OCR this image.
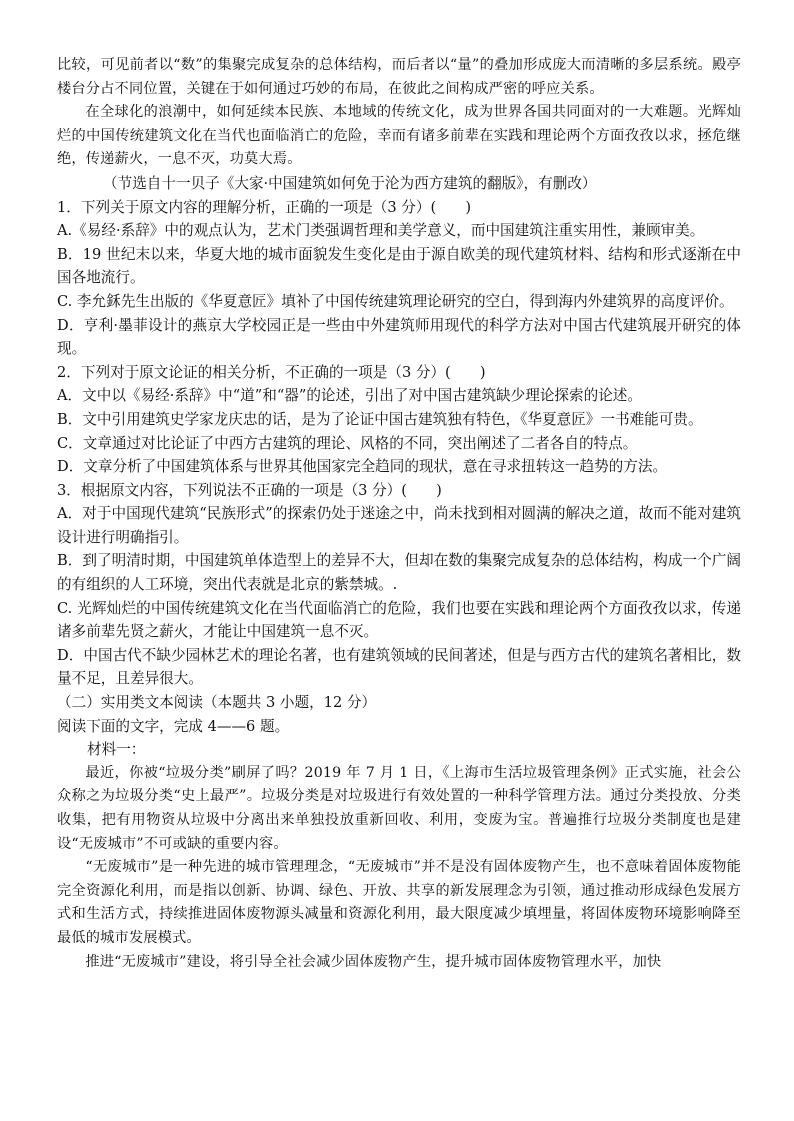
比较，可见前者以“数”的集聚完成复杂的总体结构，而后者以“量”的叠加形成庞大而清晰的多层系统。殿亭楼台分占不同位置，关键在于如何通过巧妙的布局，在彼此之间构成严密的呼应关系。

在全球化的浪潮中，如何延续本民族、本地域的传统文化，成为世界各国共同面对的一大难题。光辉灿烂的中国传统建筑文化在当代也面临消亡的危险，幸而有诸多前辈在实践和理论两个方面孜孜以求，拯危继绝，传递薪火，一息不灭，功莫大焉。

（节选自十一贝子《大家·中国建筑如何免于沦为西方建筑的翻版》，有删改）

1．下列关于原文内容的理解分析，正确的一项是（3 分）(　　)

A.《易经·系辞》中的观点认为，艺术门类强调哲理和美学意义，而中国建筑注重实用性，兼顾审美。

B．19 世纪末以来，华夏大地的城市面貌发生变化是由于源自欧美的现代建筑材料、结构和形式逐渐在中国各地流行。

C. 李允鉌先生出版的《华夏意匠》填补了中国传统建筑理论研究的空白，得到海内外建筑界的高度评价。

D．亨利·墨菲设计的燕京大学校园正是一些由中外建筑师用现代的科学方法对中国古代建筑展开研究的体现。

2．下列对于原文论证的相关分析，不正确的一项是（3 分）(　　)

A．文中以《易经·系辞》中“道”和“器”的论述，引出了对中国古建筑缺少理论探索的论述。

B．文中引用建筑史学家龙庆忠的话，是为了论证中国古建筑独有特色，《华夏意匠》一书难能可贵。

C．文章通过对比论证了中西方古建筑的理论、风格的不同，突出阐述了二者各自的特点。

D．文章分析了中国建筑体系与世界其他国家完全趋同的现状，意在寻求扭转这一趋势的方法。

3．根据原文内容，下列说法不正确的一项是（3 分）(　　)

A．对于中国现代建筑“民族形式”的探索仍处于迷途之中，尚未找到相对圆满的解决之道，故而不能对建筑设计进行明确指引。

B．到了明清时期，中国建筑单体造型上的差异不大，但却在数的集聚完成复杂的总体结构，构成一个广阔的有组织的人工环境，突出代表就是北京的紫禁城。.

C. 光辉灿烂的中国传统建筑文化在当代面临消亡的危险，我们也要在实践和理论两个方面孜孜以求，传递诸多前辈先贤之薪火，才能让中国建筑一息不灭。

D．中国古代不缺少园林艺术的理论名著，也有建筑领域的民间著述，但是与西方古代的建筑名著相比，数量不足，且差异很大。

（二）实用类文本阅读（本题共 3 小题，12 分）

阅读下面的文字，完成 4——6 题。

材料一：

最近，你被“垃圾分类”刷屏了吗？2019 年 7 月 1 日，《上海市生活垃圾管理条例》正式实施，社会公众称之为垃圾分类“史上最严”。垃圾分类是对垃圾进行有效处置的一种科学管理方法。通过分类投放、分类收集，把有用物资从垃圾中分离出来单独投放重新回收、利用，变废为宝。普遍推行垃圾分类制度也是建设“无废城市”不可或缺的重要内容。

“无废城市”是一种先进的城市管理理念，“无废城市”并不是没有固体废物产生，也不意味着固体废物能完全资源化利用，而是指以创新、协调、绿色、开放、共享的新发展理念为引领，通过推动形成绿色发展方式和生活方式，持续推进固体废物源头减量和资源化利用，最大限度减少填埋量，将固体废物环境影响降至最低的城市发展模式。

推进“无废城市”建设，将引导全社会减少固体废物产生，提升城市固体废物管理水平，加快
